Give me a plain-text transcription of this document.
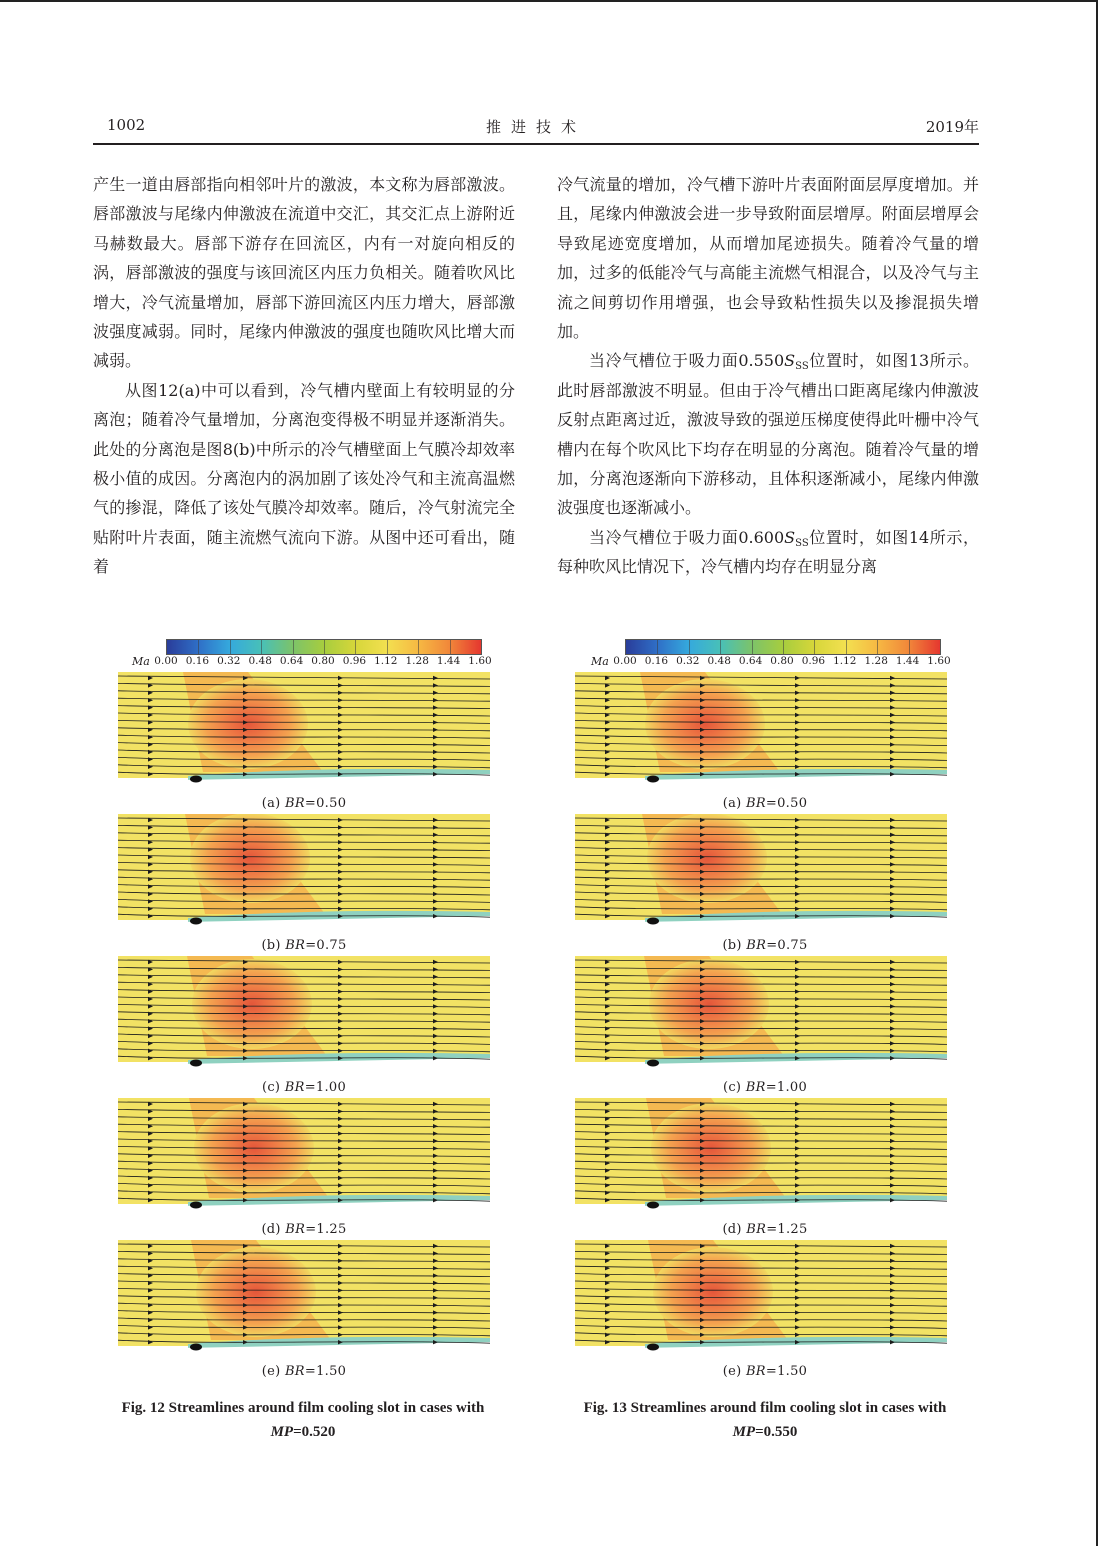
1002	推进技术	2019年

产生一道由唇部指向相邻叶片的激波，本文称为唇部激波。唇部激波与尾缘内伸激波在流道中交汇，其交汇点上游附近马赫数最大。唇部下游存在回流区，内有一对旋向相反的涡，唇部激波的强度与该回流区内压力负相关。随着吹风比增大，冷气流量增加，唇部下游回流区内压力增大，唇部激波强度减弱。同时，尾缘内伸激波的强度也随吹风比增大而减弱。

从图12(a)中可以看到，冷气槽内壁面上有较明显的分离泡；随着冷气量增加，分离泡变得极不明显并逐渐消失。此处的分离泡是图8(b)中所示的冷气槽壁面上气膜冷却效率极小值的成因。分离泡内的涡加剧了该处冷气和主流高温燃气的掺混，降低了该处气膜冷却效率。随后，冷气射流完全贴附叶片表面，随主流燃气流向下游。从图中还可看出，随着

冷气流量的增加，冷气槽下游叶片表面附面层厚度增加。并且，尾缘内伸激波会进一步导致附面层增厚。附面层增厚会导致尾迹宽度增加，从而增加尾迹损失。随着冷气量的增加，过多的低能冷气与高能主流燃气相混合，以及冷气与主流之间剪切作用增强，也会导致粘性损失以及掺混损失增加。

当冷气槽位于吸力面$0.550S_{SS}$位置时，如图13所示。此时唇部激波不明显。但由于冷气槽出口距离尾缘内伸激波反射点距离过近，激波导致的强逆压梯度使得此叶栅中冷气槽内在每个吹风比下均存在明显的分离泡。随着冷气量的增加，分离泡逐渐向下游移动，且体积逐渐减小，尾缘内伸激波强度也逐渐减小。

当冷气槽位于吸力面$0.600S_{SS}$位置时，如图14所示，每种吹风比情况下，冷气槽内均存在明显分离

Ma 0.00 0.16 0.32 0.48 0.64 0.80 0.96 1.12 1.28 1.44 1.60
(a) BR=0.50
(b) BR=0.75
(c) BR=1.00
(d) BR=1.25
(e) BR=1.50
Ma 0.00 0.16 0.32 0.48 0.64 0.80 0.96 1.12 1.28 1.44 1.60
(a) BR=0.50
(b) BR=0.75
(c) BR=1.00
(d) BR=1.25
(e) BR=1.50
Fig. 12 Streamlines around film cooling slot in cases with
MP=0.520
Fig. 13 Streamlines around film cooling slot in cases with
MP=0.550
